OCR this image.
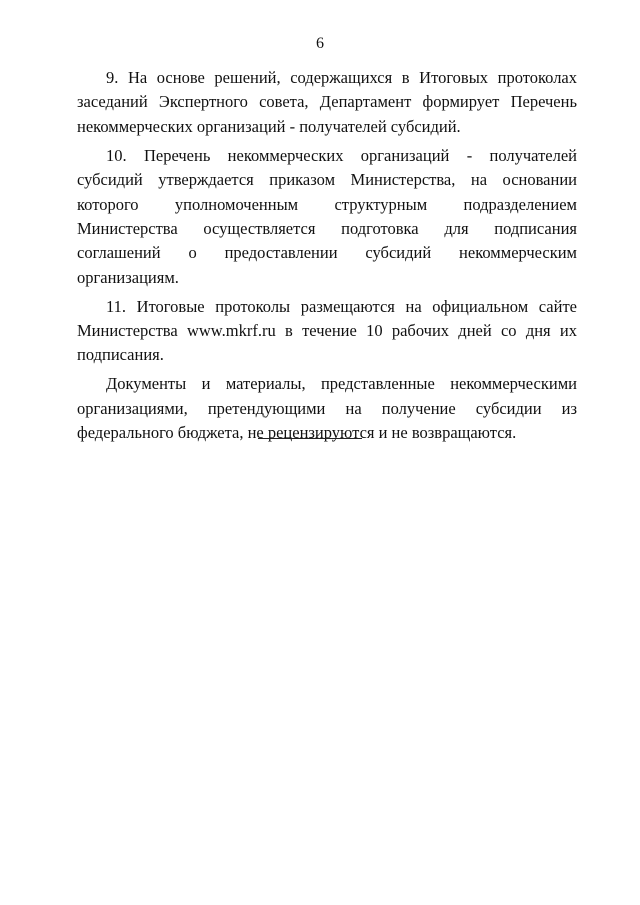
6

9. На основе решений, содержащихся в Итоговых протоколах заседаний Экспертного совета, Департамент формирует Перечень некоммерческих организаций - получателей субсидий.

10. Перечень некоммерческих организаций - получателей субсидий утверждается приказом Министерства, на основании которого уполномоченным структурным подразделением Министерства осуществляется подготовка для подписания соглашений о предоставлении субсидий некоммерческим организациям.

11. Итоговые протоколы размещаются на официальном сайте Министерства www.mkrf.ru в течение 10 рабочих дней со дня их подписания.

Документы и материалы, представленные некоммерческими организациями, претендующими на получение субсидии из федерального бюджета, не рецензируются и не возвращаются.
